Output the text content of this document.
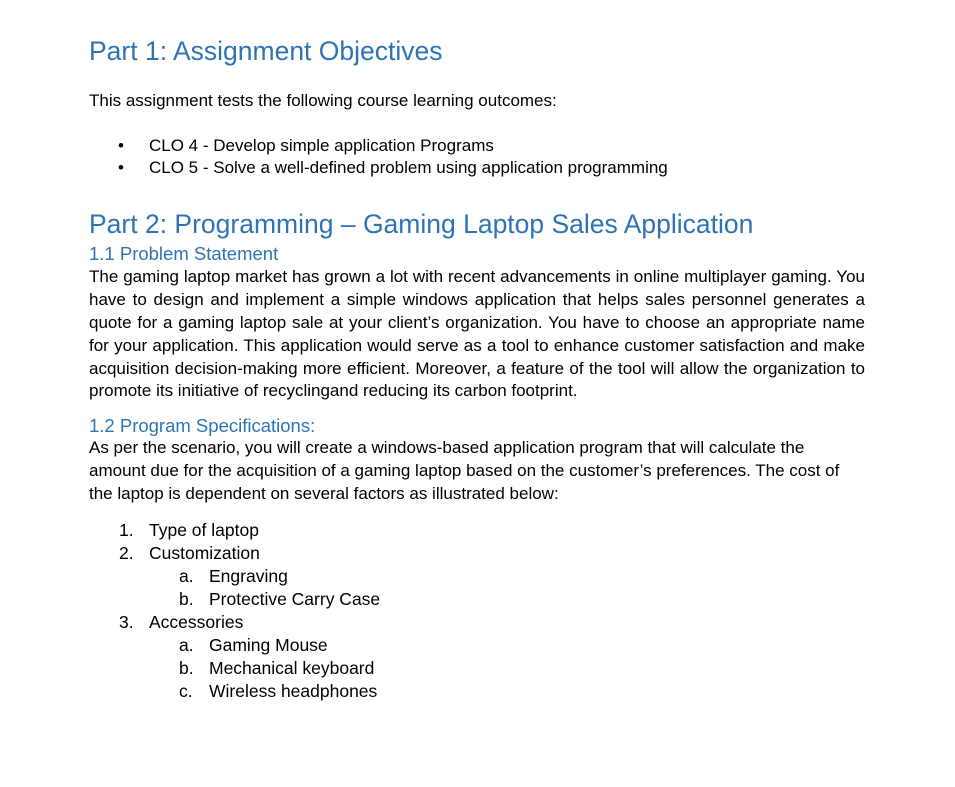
Part 1: Assignment Objectives

This assignment tests the following course learning outcomes:

• CLO 4 - Develop simple application Programs
• CLO 5 - Solve a well-defined problem using application programming
Part 2: Programming – Gaming Laptop Sales Application
1.1 Problem Statement

The gaming laptop market has grown a lot with recent advancements in online multiplayer gaming. You have to design and implement a simple windows application that helps sales personnel generates a quote for a gaming laptop sale at your client’s organization. You have to choose an appropriate name for your application. This application would serve as a tool to enhance customer satisfaction and make acquisition decision-making more efficient. Moreover, a feature of the tool will allow the organization to promote its initiative of recyclingand reducing its carbon footprint.

1.2 Program Specifications:

As per the scenario, you will create a windows-based application program that will calculate the amount due for the acquisition of a gaming laptop based on the customer’s preferences. The cost of the laptop is dependent on several factors as illustrated below:

1. Type of laptop
2. Customization
a. Engraving
b. Protective Carry Case
3. Accessories
a. Gaming Mouse
b. Mechanical keyboard
c. Wireless headphones
